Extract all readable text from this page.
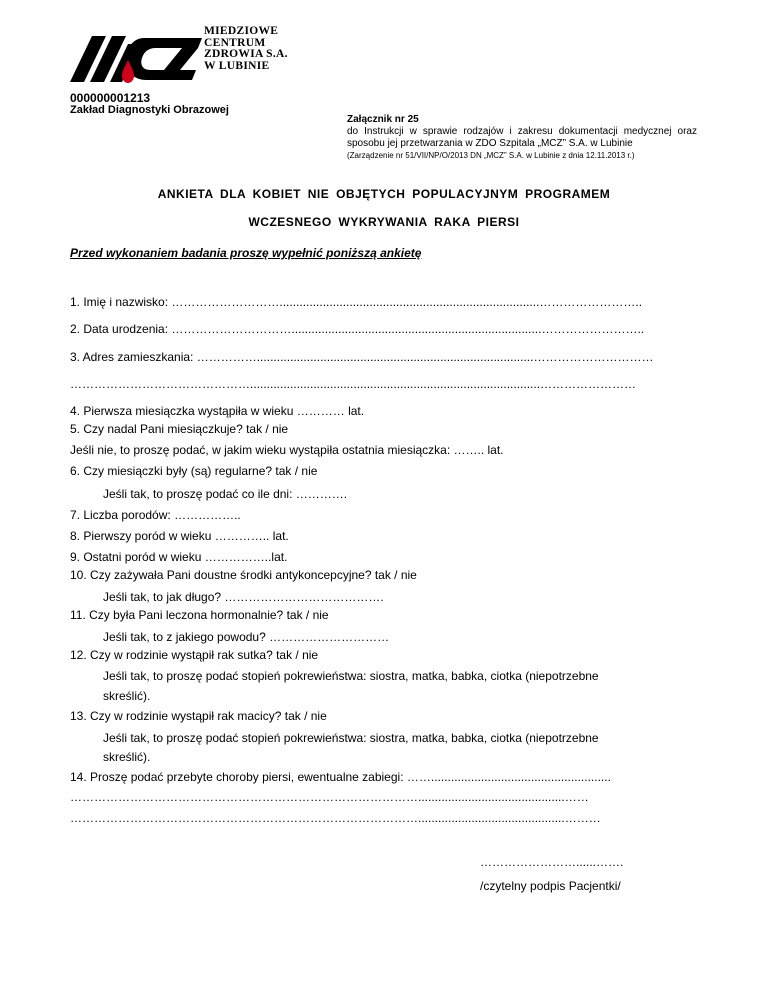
MIEDZIOWE
CENTRUM
ZDROWIA S.A.
W LUBINIE
000000001213
Zakład Diagnostyki Obrazowej
Załącznik nr 25
do Instrukcji w sprawie rodzajów i zakresu dokumentacji medycznej oraz sposobu jej przetwarzania w ZDO Szpitala „MCZ” S.A. w Lubinie
(Zarządzenie nr 51/VII/NP/O/2013 DN „MCZ” S.A. w Lubinie z dnia 12.11.2013 r.)
ANKIETA DLA KOBIET NIE OBJĘTYCH POPULACYJNYM PROGRAMEM
WCZESNEGO WYKRYWANIA RAKA PIERSI
Przed wykonaniem badania proszę wypełnić poniższą ankietę
1. Imię i nazwisko: ………………………..............................................................................……………………..
2. Data urodzenia: …………………………...........................................................................……………………..
3. Adres zamieszkania: ……………...................................................................................…………………………
……………………………………….......................................................................................……………………
4. Pierwsza miesiączka wystąpiła w wieku ………… lat.
5. Czy nadal Pani miesiączkuje? tak / nie
Jeśli nie, to proszę podać, w jakim wieku wystąpiła ostatnia miesiączka: …….. lat.
6. Czy miesiączki były (są) regularne? tak / nie
Jeśli tak, to proszę podać co ile dni: ………….
7. Liczba porodów: ……………..
8. Pierwszy poród w wieku ………….. lat.
9. Ostatni poród w wieku ……………..lat.
10. Czy zażywała Pani doustne środki antykoncepcyjne? tak / nie
Jeśli tak, to jak długo? ………………………………….
11. Czy była Pani leczona hormonalnie? tak / nie
Jeśli tak, to z jakiego powodu? …………………………
12. Czy w rodzinie wystąpił rak sutka? tak / nie
Jeśli tak, to proszę podać stopień pokrewieństwa: siostra, matka, babka, ciotka (niepotrzebne
skreślić).
13. Czy w rodzinie wystąpił rak macicy? tak / nie
Jeśli tak, to proszę podać stopień pokrewieństwa: siostra, matka, babka, ciotka (niepotrzebne
skreślić).
14. Proszę podać przebyte choroby piersi, ewentualne zabiegi: ……......................................................
……………………………………………………………………………............................................……
……………………………………………………………………………............................................………
……………………......…….
/czytelny podpis Pacjentki/
